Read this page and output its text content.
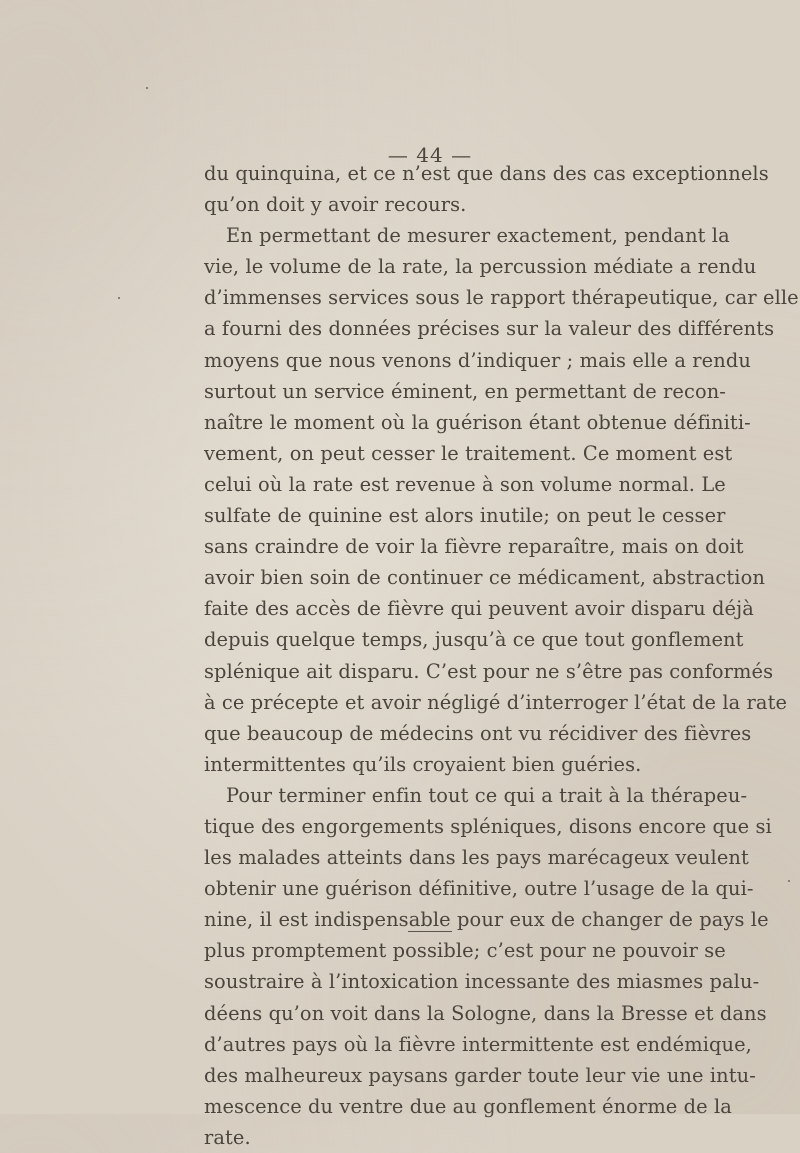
— 44 —
du quinquina, et ce n’est que dans des cas exceptionnels
qu’on doit y avoir recours.
En permettant de mesurer exactement, pendant la
vie, le volume de la rate, la percussion médiate a rendu
d’immenses services sous le rapport thérapeutique, car elle
a fourni des données précises sur la valeur des différents
moyens que nous venons d’indiquer ; mais elle a rendu
surtout un service éminent, en permettant de recon-
naître le moment où la guérison étant obtenue définiti-
vement, on peut cesser le traitement. Ce moment est
celui où la rate est revenue à son volume normal. Le
sulfate de quinine est alors inutile; on peut le cesser
sans craindre de voir la fièvre reparaître, mais on doit
avoir bien soin de continuer ce médicament, abstraction
faite des accès de fièvre qui peuvent avoir disparu déjà
depuis quelque temps, jusqu’à ce que tout gonflement
splénique ait disparu. C’est pour ne s’être pas conformés
à ce précepte et avoir négligé d’interroger l’état de la rate
que beaucoup de médecins ont vu récidiver des fièvres
intermittentes qu’ils croyaient bien guéries.
Pour terminer enfin tout ce qui a trait à la thérapeu-
tique des engorgements spléniques, disons encore que si
les malades atteints dans les pays marécageux veulent
obtenir une guérison définitive, outre l’usage de la qui-
nine, il est indispensable pour eux de changer de pays le
plus promptement possible; c’est pour ne pouvoir se
soustraire à l’intoxication incessante des miasmes palu-
déens qu’on voit dans la Sologne, dans la Bresse et dans
d’autres pays où la fièvre intermittente est endémique,
des malheureux paysans garder toute leur vie une intu-
mescence du ventre due au gonflement énorme de la
rate.
